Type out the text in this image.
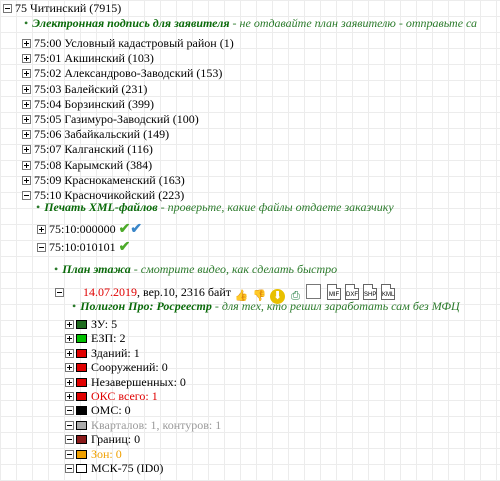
75 Читинский (7915)
• Электронная подпись для заявителя - не отдавайте план заявителю - отправьте са
75:00 Условный кадастровый район (1)
75:01 Акшинский (103)
75:02 Александрово-Заводский (153)
75:03 Балейский (231)
75:04 Борзинский (399)
75:05 Газимуро-Заводский (100)
75:06 Забайкальский (149)
75:07 Калганский (116)
75:08 Карымский (384)
75:09 Краснокаменский (163)
75:10 Красночикойский (223)
• Печать XML-файлов - проверьте, какие файлы отдаете заказчику
75:10:000000 ✔✔
75:10:010101 ✔
• План этажа - смотрите видео, как сделать быстро
14.07.2019, вер.10, 2316 байт 👍 👎 ⬇ ⎙	MIF DXF SHP KML
• Полигон Про: Росреестр - для тех, кто решил заработать сам без МФЦ
ЗУ: 5
ЕЗП: 2
Зданий: 1
Сооружений: 0
Незавершенных: 0
ОКС всего: 1
ОМС: 0
Кварталов: 1, контуров: 1
Границ: 0
Зон: 0
МСК-75 (ID0)
